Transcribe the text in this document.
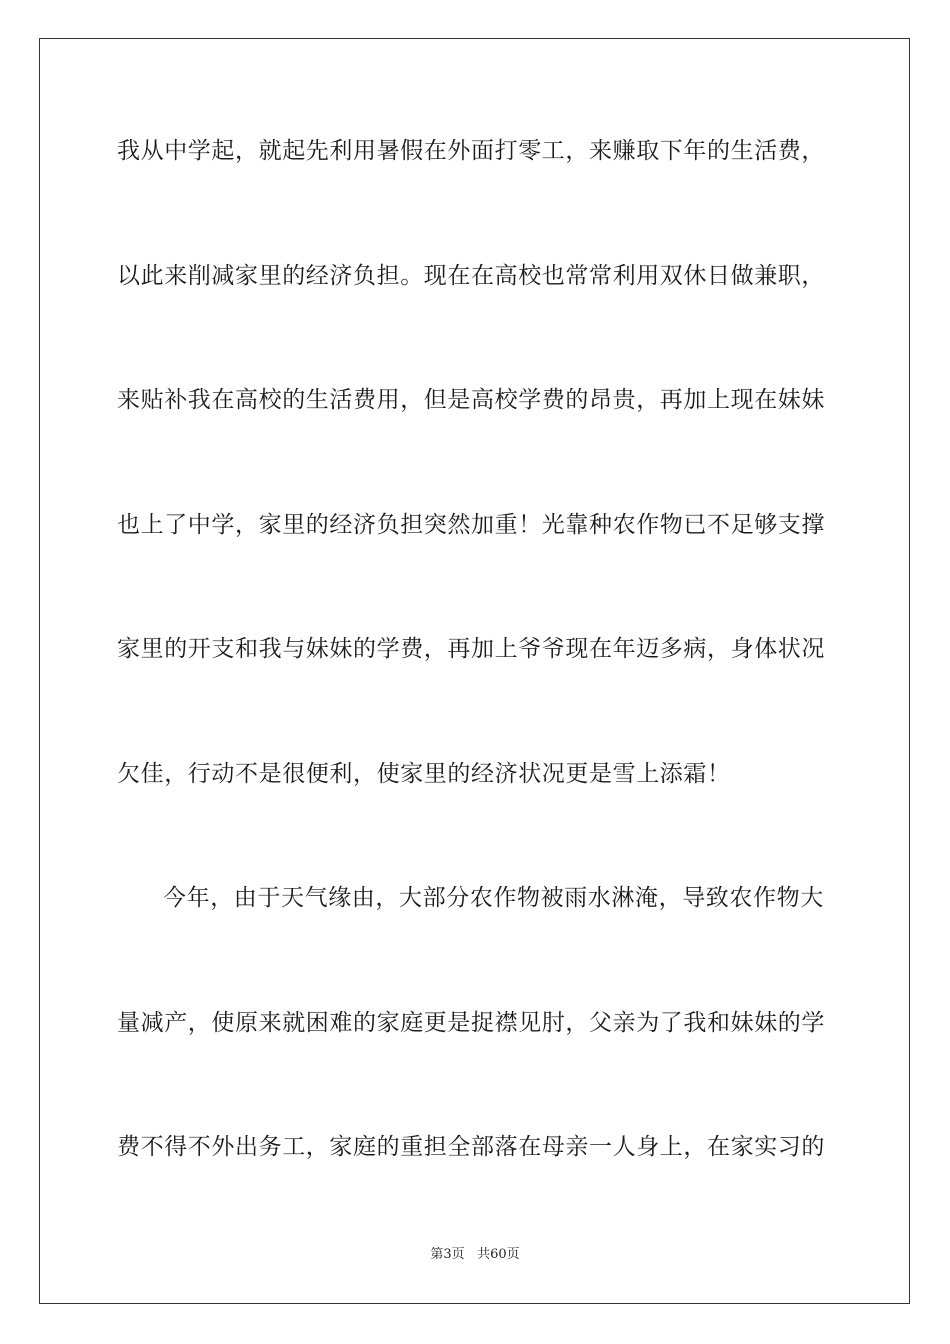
我从中学起，就起先利用暑假在外面打零工，来赚取下年的生活费，
以此来削减家里的经济负担。现在在高校也常常利用双休日做兼职，
来贴补我在高校的生活费用，但是高校学费的昂贵，再加上现在妹妹
也上了中学，家里的经济负担突然加重！光靠种农作物已不足够支撑
家里的开支和我与妹妹的学费，再加上爷爷现在年迈多病，身体状况
欠佳，行动不是很便利，使家里的经济状况更是雪上添霜！
今年，由于天气缘由，大部分农作物被雨水淋淹，导致农作物大
量减产，使原来就困难的家庭更是捉襟见肘，父亲为了我和妹妹的学
费不得不外出务工，家庭的重担全部落在母亲一人身上，在家实习的
第3页 共60页
